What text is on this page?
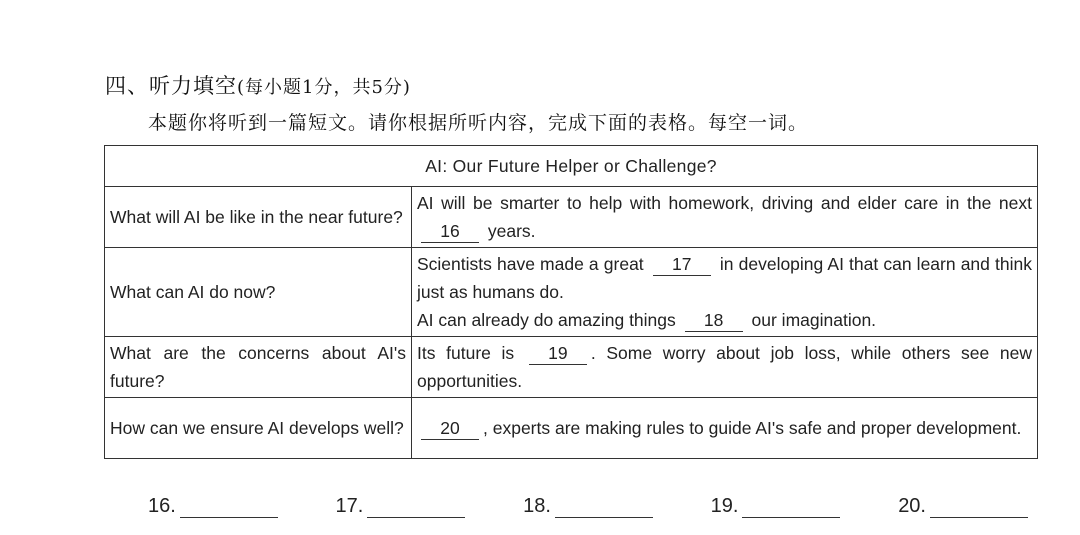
四、听力填空(每小题1分，共5分)
本题你将听到一篇短文。请你根据所听内容，完成下面的表格。每空一词。
AI: Our Future Helper or Challenge?	
What will AI be like in the near future?	AI will be smarter to help with homework, driving and elder care in the next 16 years.
What can AI do now?	Scientists have made a great 17 in developing AI that can learn and think just as humans do.
AI can already do amazing things 18 our imagination.
What are the concerns about AI's future?	Its future is 19 . Some worry about job loss, while others see new opportunities.
How can we ensure AI develops well?	20 , experts are making rules to guide AI's safe and proper development.
16.	17.	18.	19.	20.
